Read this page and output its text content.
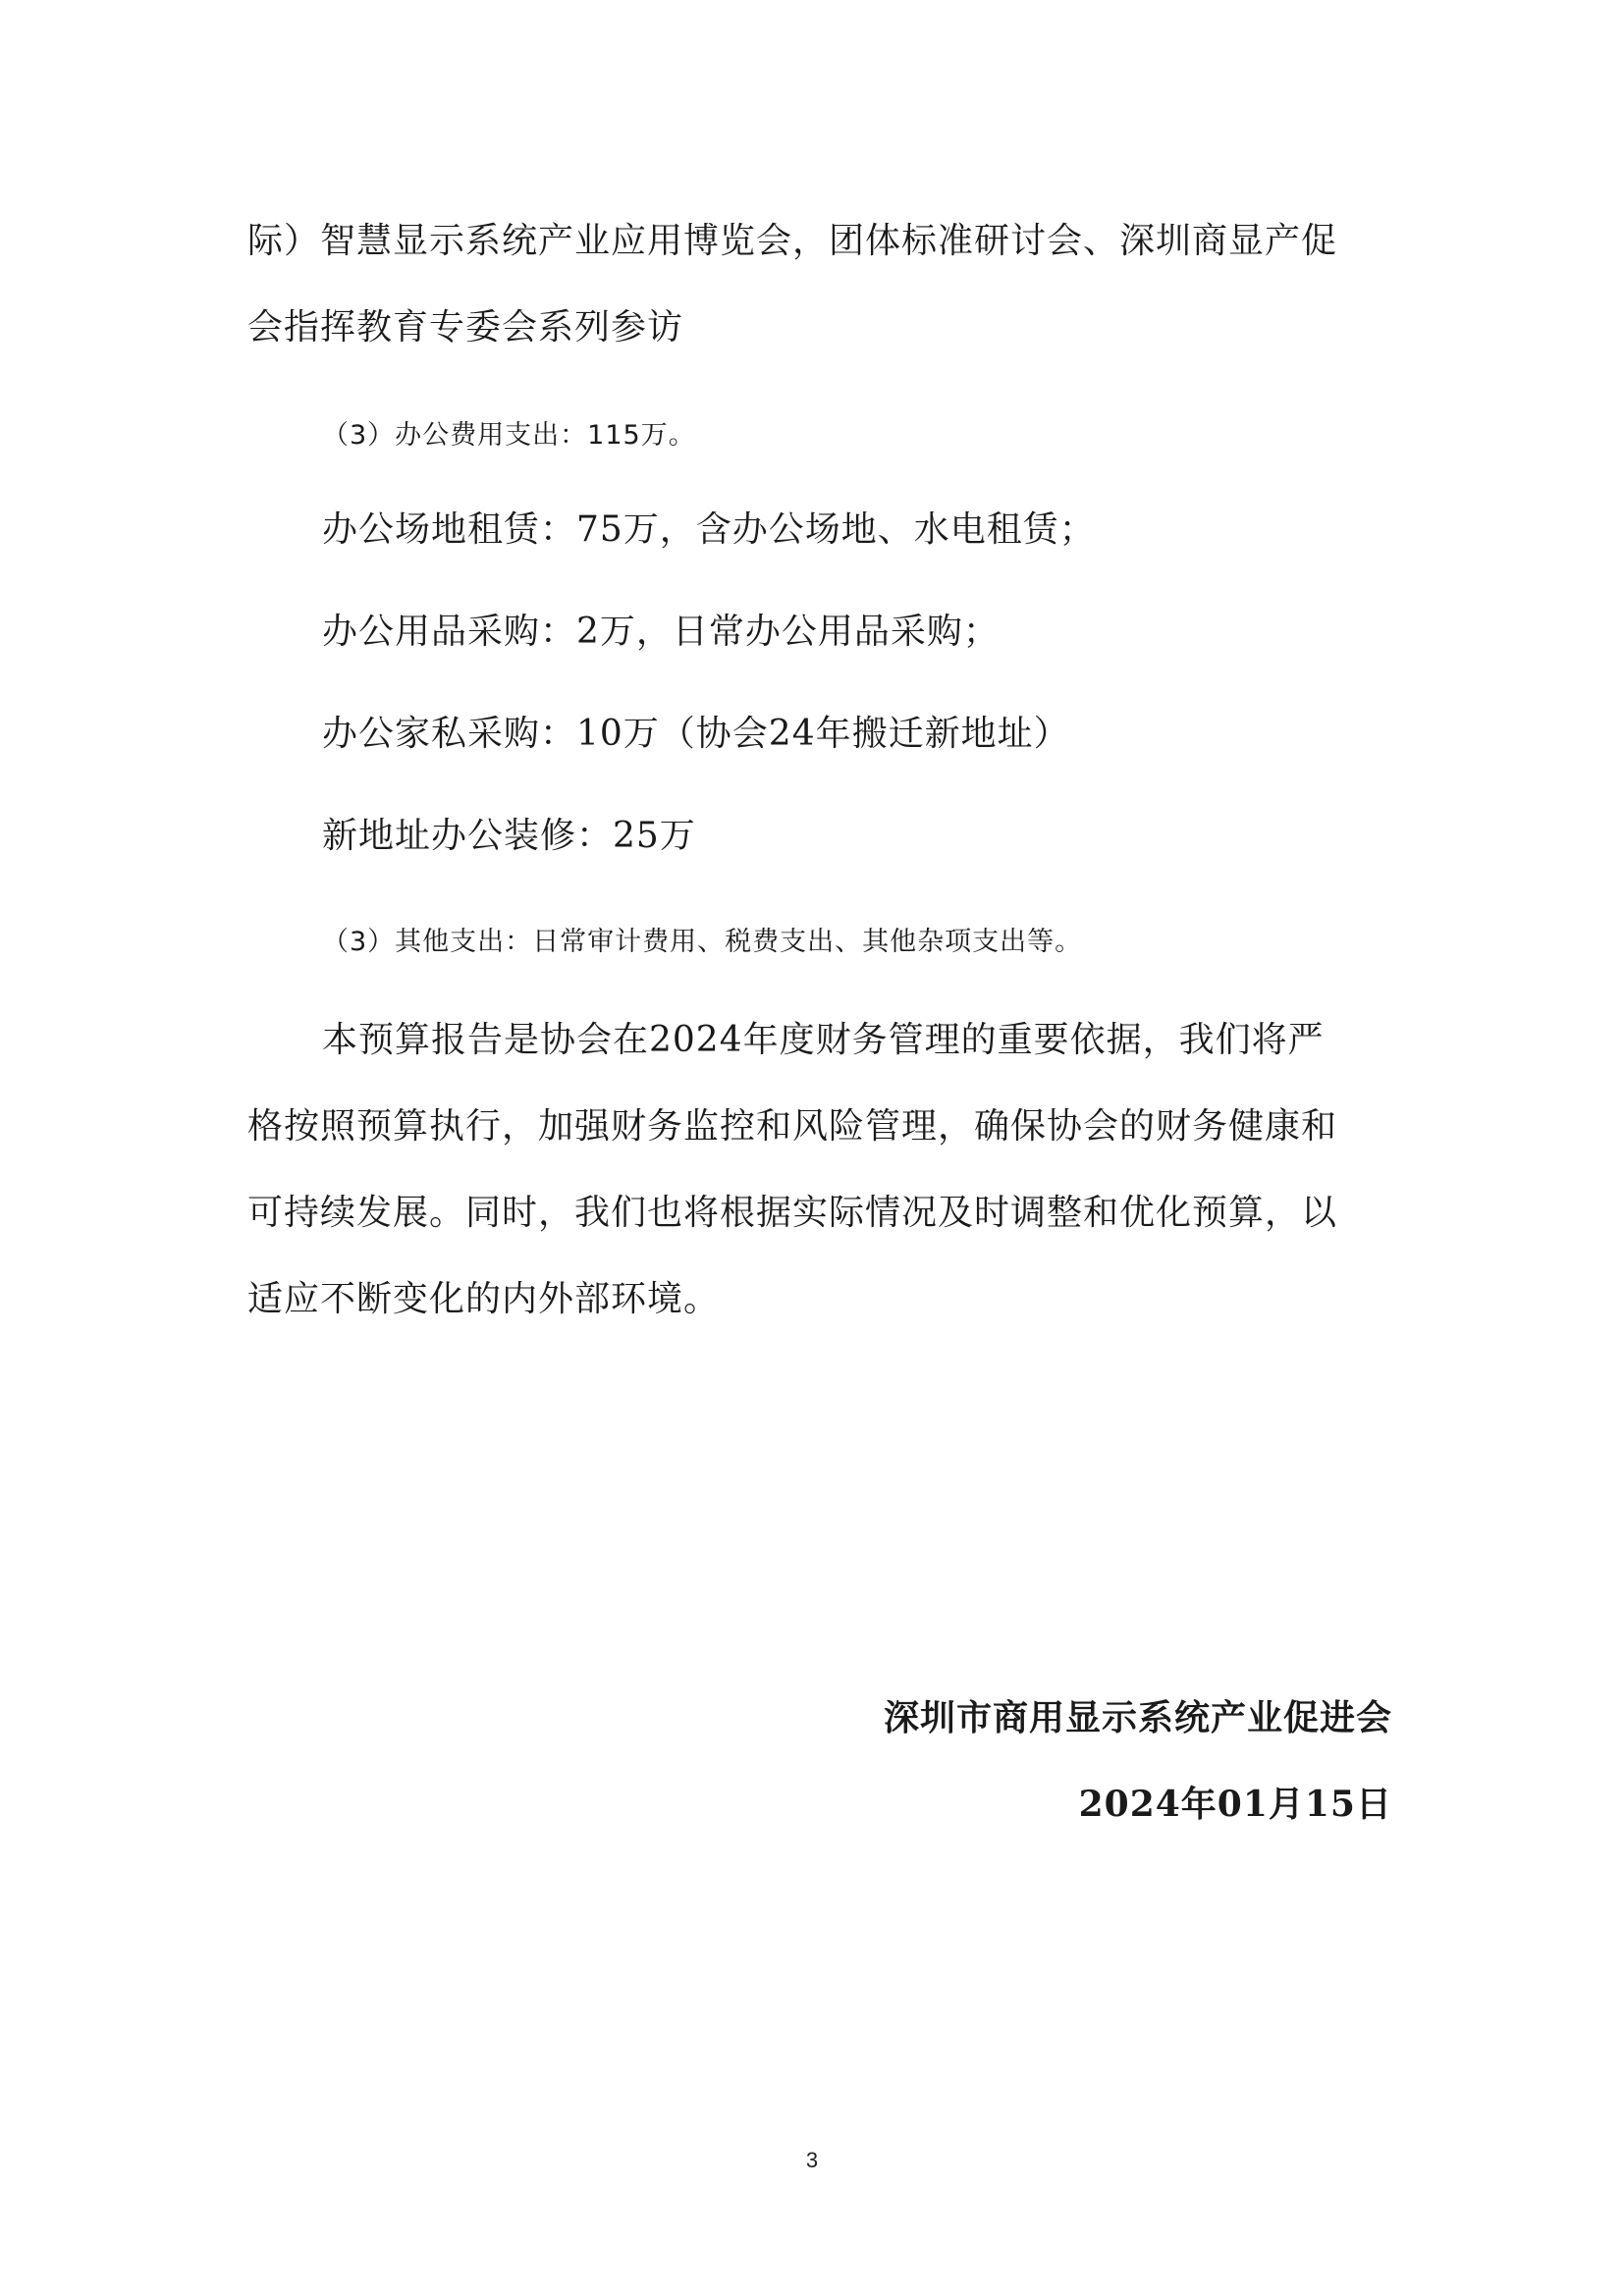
际）智慧显示系统产业应用博览会，团体标准研讨会、深圳商显产促
会指挥教育专委会系列参访
（3）办公费用支出：115万。
办公场地租赁：75万，含办公场地、水电租赁；
办公用品采购：2万，日常办公用品采购；
办公家私采购：10万（协会24年搬迁新地址）
新地址办公装修：25万
（3）其他支出：日常审计费用、税费支出、其他杂项支出等。
本预算报告是协会在2024年度财务管理的重要依据，我们将严
格按照预算执行，加强财务监控和风险管理，确保协会的财务健康和
可持续发展。同时，我们也将根据实际情况及时调整和优化预算，以
适应不断变化的内外部环境。
深圳市商用显示系统产业促进会
2024年01月15日
3
